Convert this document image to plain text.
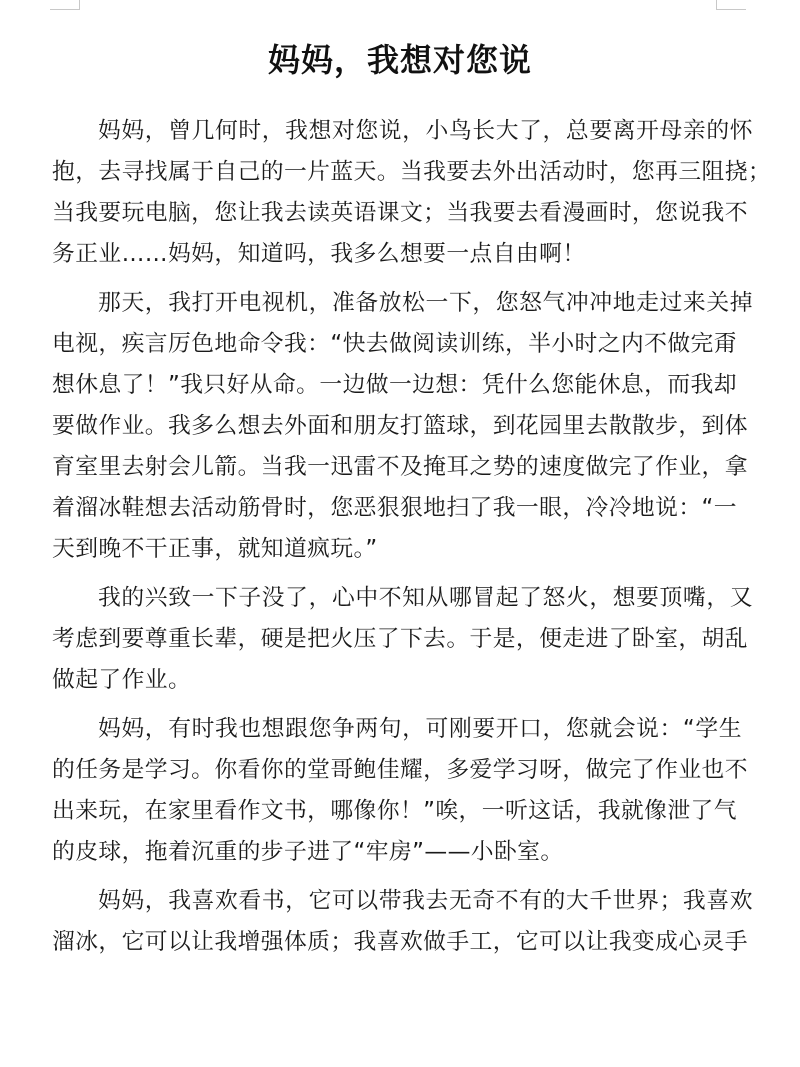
妈妈，我想对您说
妈妈，曾几何时，我想对您说，小鸟长大了，总要离开母亲的怀
抱，去寻找属于自己的一片蓝天。当我要去外出活动时，您再三阻挠；
当我要玩电脑，您让我去读英语课文；当我要去看漫画时，您说我不
务正业……妈妈，知道吗，我多么想要一点自由啊！
那天，我打开电视机，准备放松一下，您怒气冲冲地走过来关掉
电视，疾言厉色地命令我：“快去做阅读训练，半小时之内不做完甭
想休息了！”我只好从命。一边做一边想：凭什么您能休息，而我却
要做作业。我多么想去外面和朋友打篮球，到花园里去散散步，到体
育室里去射会儿箭。当我一迅雷不及掩耳之势的速度做完了作业，拿
着溜冰鞋想去活动筋骨时，您恶狠狠地扫了我一眼，冷冷地说：“一
天到晚不干正事，就知道疯玩。”
我的兴致一下子没了，心中不知从哪冒起了怒火，想要顶嘴，又
考虑到要尊重长辈，硬是把火压了下去。于是，便走进了卧室，胡乱
做起了作业。
妈妈，有时我也想跟您争两句，可刚要开口，您就会说：“学生
的任务是学习。你看你的堂哥鲍佳耀，多爱学习呀，做完了作业也不
出来玩，在家里看作文书，哪像你！”唉，一听这话，我就像泄了气
的皮球，拖着沉重的步子进了“牢房”——小卧室。
妈妈，我喜欢看书，它可以带我去无奇不有的大千世界；我喜欢
溜冰，它可以让我增强体质；我喜欢做手工，它可以让我变成心灵手
